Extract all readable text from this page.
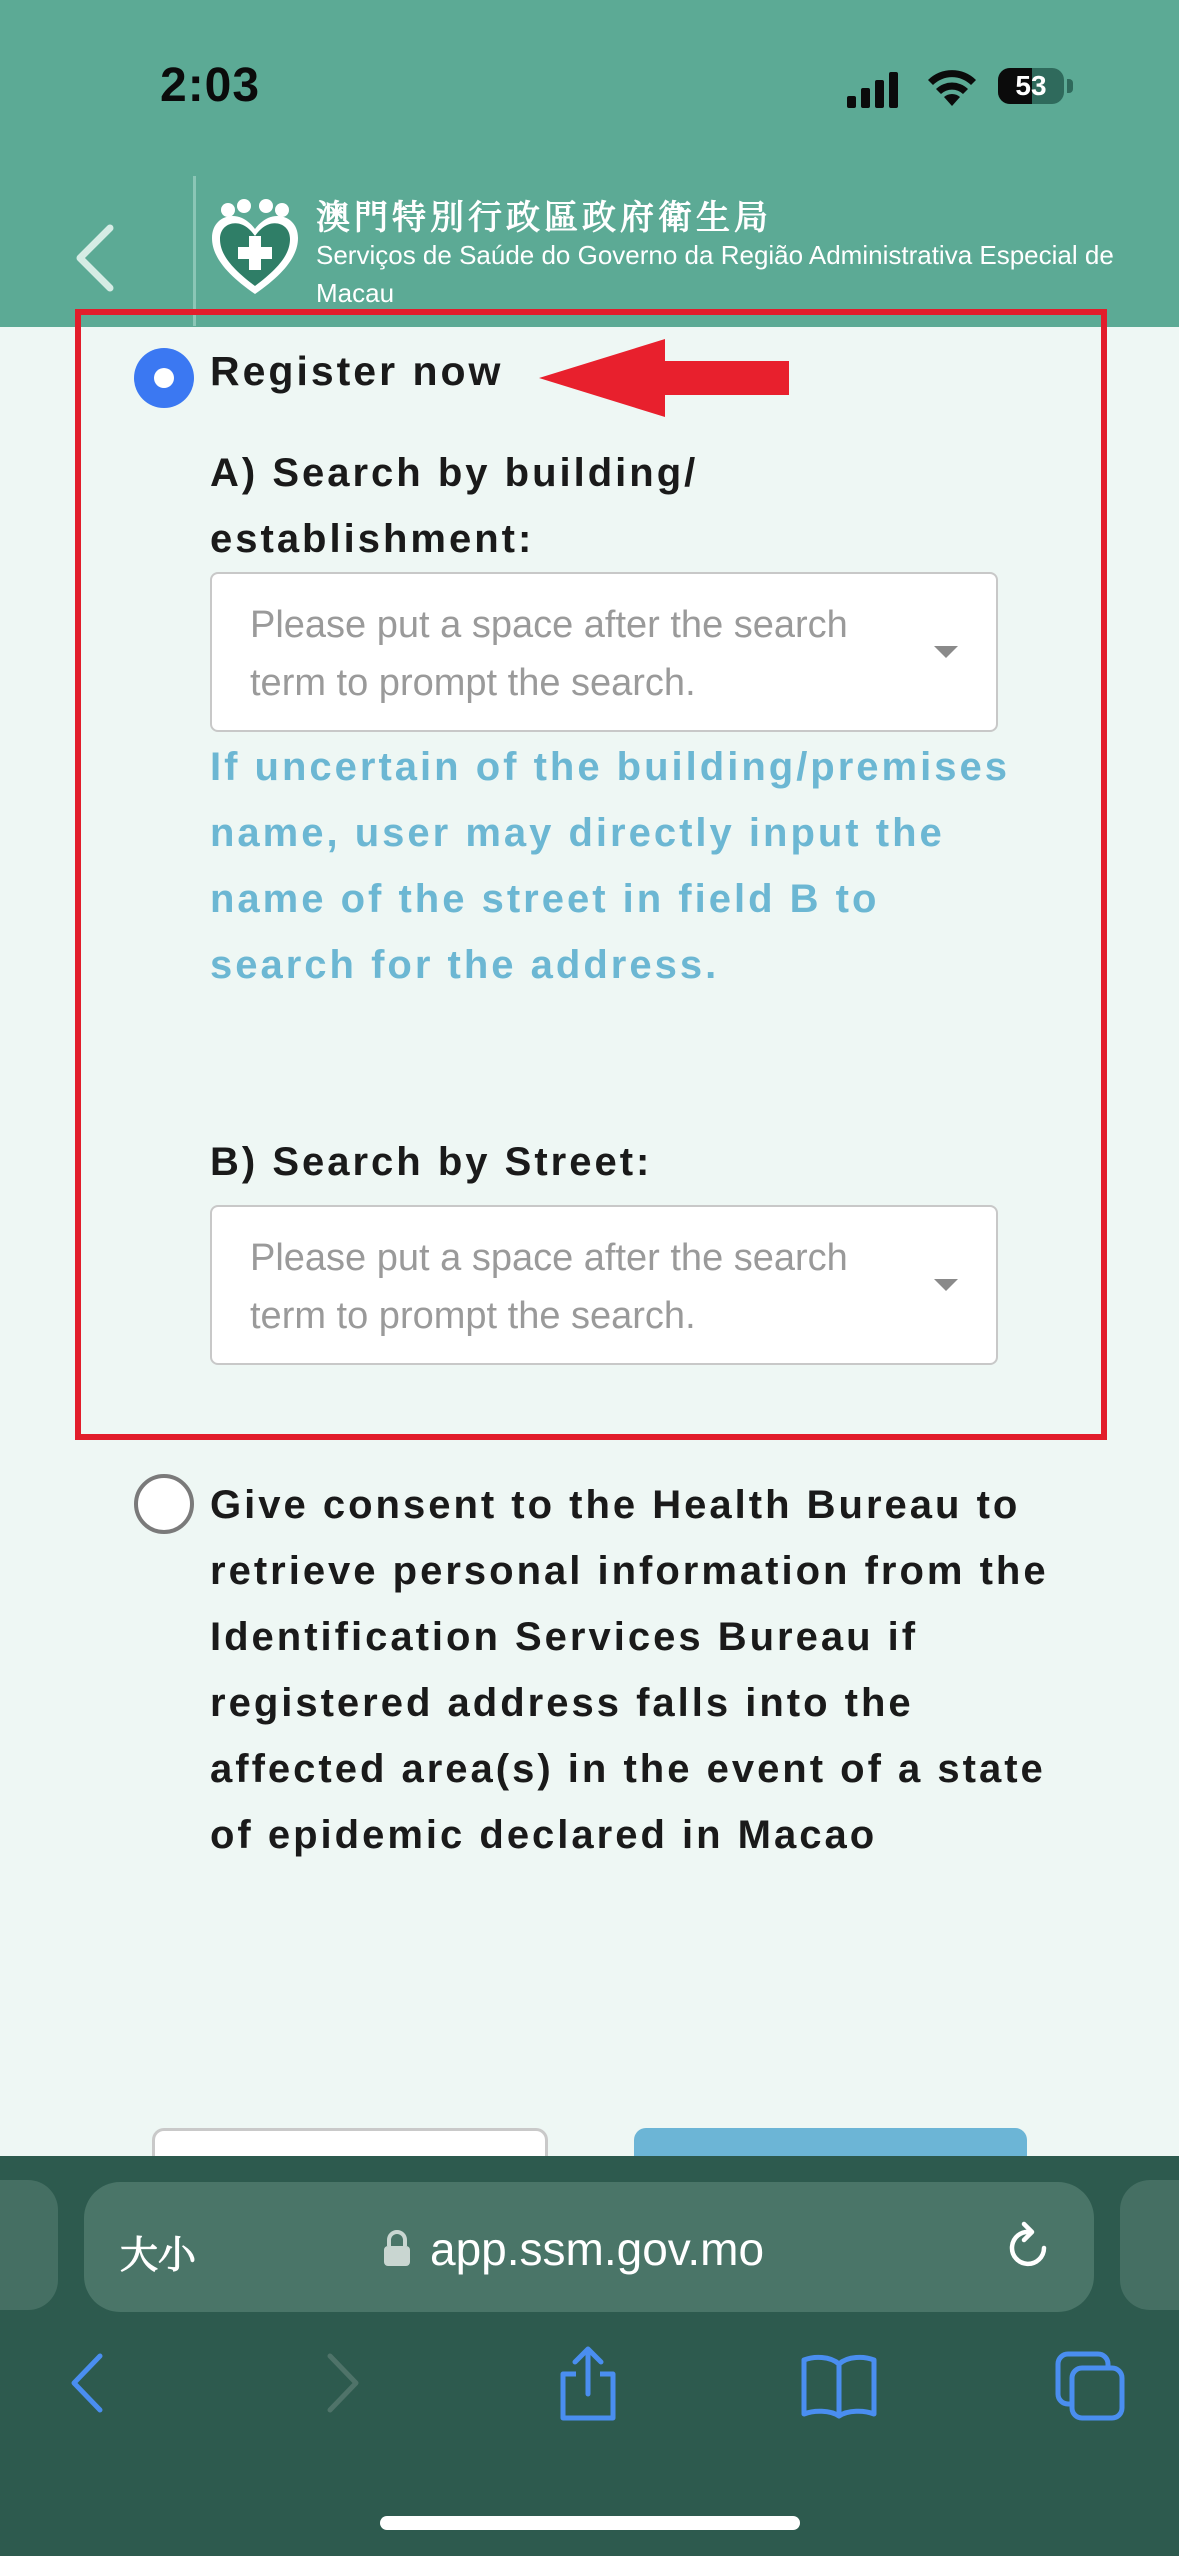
2:03	53
澳門特別行政區政府衛生局
Serviços de Saúde do Governo da Região Administrativa Especial de Macau
Register now
A) Search by building/ establishment:
Please put a space after the search term to prompt the search.
If uncertain of the building/premises name, user may directly input the name of the street in field B to search for the address.
B) Search by Street:
Please put a space after the search term to prompt the search.
Give consent to the Health Bureau to retrieve personal information from the Identification Services Bureau if registered address falls into the affected area(s) in the event of a state of epidemic declared in Macao
大小	app.ssm.gov.mo
